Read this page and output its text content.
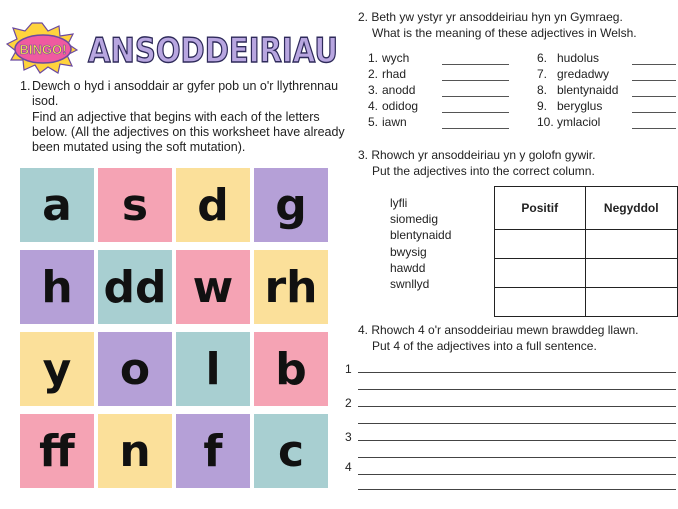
BINGO! ANSODDEIRIAU
1. Dewch o hyd i ansoddair ar gyfer pob un o'r llythrennau isod.
Find an adjective that begins with each of the letters below. (All the adjectives on this worksheet have already been mutated using the soft mutation).
a s d g
h dd w rh
y o l b
ff n f c
2. Beth yw ystyr yr ansoddeiriau hyn yn Gymraeg.
What is the meaning of these adjectives in Welsh.
1. wych
2. rhad
3. anodd
4. odidog
5. iawn
6. hudolus
7. gredadwy
8. blentynaidd
9. beryglus
10. ymlaciol
3. Rhowch yr ansoddeiriau yn y golofn gywir.
Put the adjectives into the correct column.
lyfli
siomedig
blentynaidd
bwysig
hawdd
swnllyd
Positif	Negyddol

4. Rhowch 4 o'r ansoddeiriau mewn brawddeg llawn.
Put 4 of the adjectives into a full sentence.
1
2
3
4
